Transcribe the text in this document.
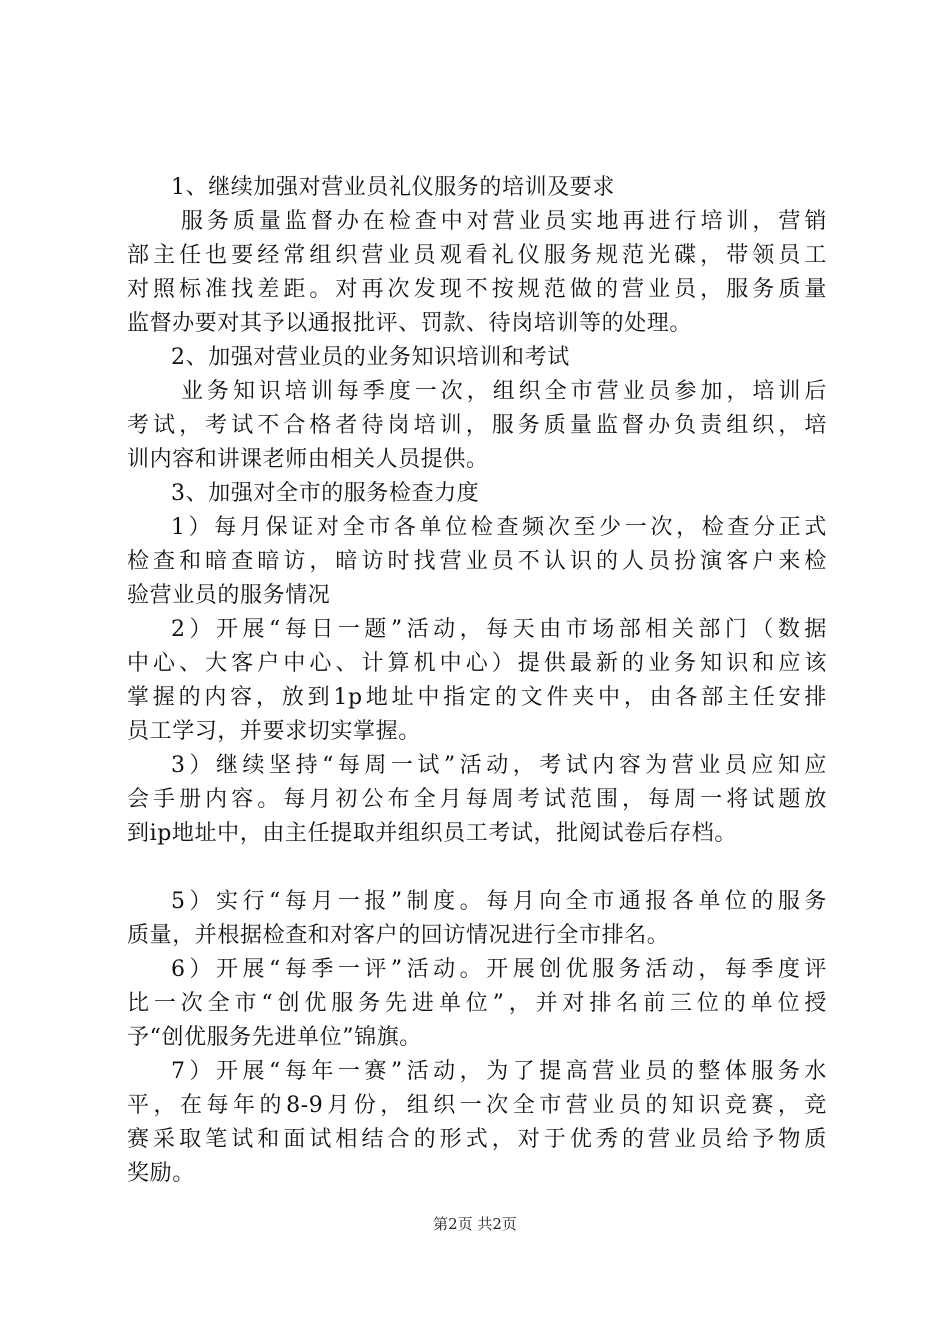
1、继续加强对营业员礼仪服务的培训及要求
服务质量监督办在检查中对营业员实地再进行培训，营销
部主任也要经常组织营业员观看礼仪服务规范光碟，带领员工
对照标准找差距。对再次发现不按规范做的营业员，服务质量
监督办要对其予以通报批评、罚款、待岗培训等的处理。
2、加强对营业员的业务知识培训和考试
业务知识培训每季度一次，组织全市营业员参加，培训后
考试，考试不合格者待岗培训，服务质量监督办负责组织，培
训内容和讲课老师由相关人员提供。
3、加强对全市的服务检查力度
1）每月保证对全市各单位检查频次至少一次，检查分正式
检查和暗查暗访，暗访时找营业员不认识的人员扮演客户来检
验营业员的服务情况
2）开展“每日一题”活动，每天由市场部相关部门（数据
中心、大客户中心、计算机中心）提供最新的业务知识和应该
掌握的内容，放到1p地址中指定的文件夹中，由各部主任安排
员工学习，并要求切实掌握。
3）继续坚持“每周一试”活动，考试内容为营业员应知应
会手册内容。每月初公布全月每周考试范围，每周一将试题放
到ip地址中，由主任提取并组织员工考试，批阅试卷后存档。
5）实行“每月一报”制度。每月向全市通报各单位的服务
质量，并根据检查和对客户的回访情况进行全市排名。
6）开展“每季一评”活动。开展创优服务活动，每季度评
比一次全市“创优服务先进单位”，并对排名前三位的单位授
予“创优服务先进单位”锦旗。
7）开展“每年一赛”活动，为了提高营业员的整体服务水
平，在每年的8-9月份，组织一次全市营业员的知识竞赛，竞
赛采取笔试和面试相结合的形式，对于优秀的营业员给予物质
奖励。
第2页 共2页
